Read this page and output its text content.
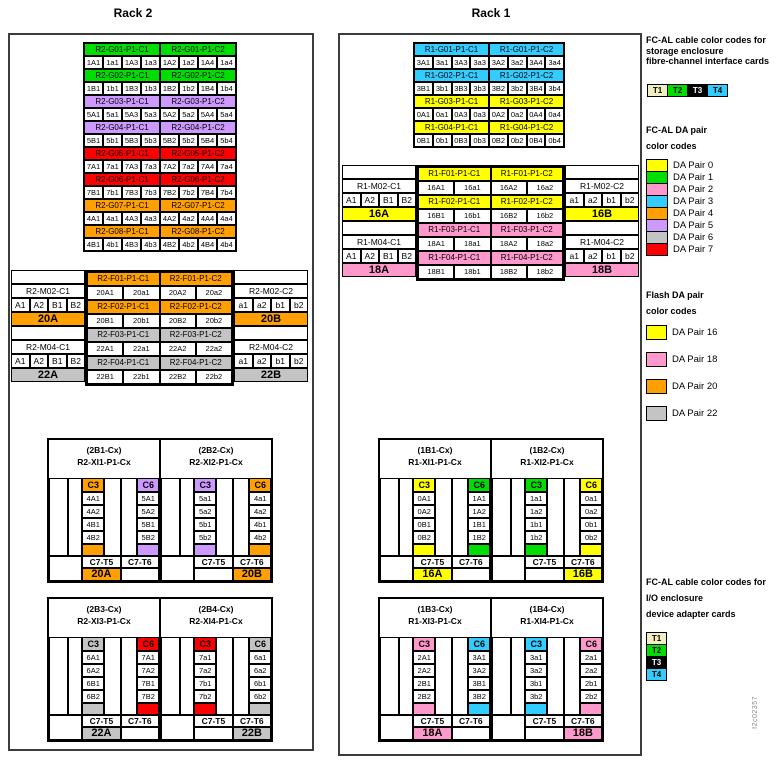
Rack 2	Rack 1
R2-G01-P1-C1	R2-G01-P1-C2
1A1 1a1 1A3 1a3 1A2 1a2 1A4 1a4
R2-G02-P1-C1	R2-G02-P1-C2
1B1 1b1 1B3 1b3 1B2 1b2 1B4 1b4
R2-G03-P1-C1	R2-G03-P1-C2
5A1 5a1 5A3 5a3 5A2 5a2 5A4 5a4
R2-G04-P1-C1	R2-G04-P1-C2
5B1 5b1 5B3 5b3 5B2 5b2 5B4 5b4
R2-G05-P1-C1	R2-G05-P1-C2
7A1 7a1 7A3 7a3 7A2 7a2 7A4 7a4
R2-G06-P1-C1	R2-G06-P1-C2
7B1 7b1 7B3 7b3 7B2 7b2 7B4 7b4
R2-G07-P1-C1	R2-G07-P1-C2
4A1 4a1 4A3 4a3 4A2 4a2 4A4 4a4
R2-G08-P1-C1	R2-G08-P1-C2
4B1 4b1 4B3 4b3 4B2 4b2 4B4 4b4
R2-M02-C1
A1 A2 B1 B2
20A
R2-M04-C1
A1 A2 B1 B2
22A
R2-F01-P1-C1	R2-F01-P1-C2
20A1	20a1	20A2	20a2
R2-F02-P1-C1	R2-F02-P1-C2
20B1	20b1	20B2	20b2
R2-F03-P1-C1	R2-F03-P1-C2
22A1	22a1	22A2	22a2
R2-F04-P1-C1	R2-F04-P1-C2
22B1	22b1	22B2	22b2
R2-M02-C2
a1	a2	b1	b2
20B
R2-M04-C2
a1	a2	b1	b2
22B
(2B1-Cx)
R2-XI1-P1-Cx
(2B2-Cx)
R2-XI2-P1-Cx
C3
4A1
4A2
4B1
4B2
C6
5A1
5A2
5B1
5B2
C3
5a1
5a2
5b1
5b2
C6
4a1
4a2
4b1
4b2
C7-T5
20A
C7-T6	C7-T5	C7-T6
20B
(2B3-Cx)
R2-XI3-P1-Cx
(2B4-Cx)
R2-XI4-P1-Cx
C3
6A1
6A2
6B1
6B2
C6
7A1
7A2
7B1
7B2
C3
7a1
7a2
7b1
7b2
C6
6a1
6a2
6b1
6b2
C7-T5
22A
C7-T6	C7-T5	C7-T6
22B
R1-G01-P1-C1	R1-G01-P1-C2
3A1 3a1 3A3 3a3 3A2 3a2 3A4 3a4
R1-G02-P1-C1	R1-G02-P1-C2
3B1 3b1 3B3 3b3 3B2 3b2 3B4 3b4
R1-G03-P1-C1	R1-G03-P1-C2
0A1 0a1 0A3 0a3 0A2 0a2 0A4 0a4
R1-G04-P1-C1	R1-G04-P1-C2
0B1 0b1 0B3 0b3 0B2 0b2 0B4 0b4
R1-M02-C1
A1 A2 B1 B2
16A
R1-M04-C1
A1 A2 B1 B2
18A
R1-F01-P1-C1	R1-F01-P1-C2
16A1	16a1	16A2	16a2
R1-F02-P1-C1	R1-F02-P1-C2
16B1	16b1	16B2	16b2
R1-F03-P1-C1	R1-F03-P1-C2
18A1	18a1	18A2	18a2
R1-F04-P1-C1	R1-F04-P1-C2
18B1	18b1	18B2	18b2
R1-M02-C2
a1	a2	b1	b2
16B
R1-M04-C2
a1	a2	b1	b2
18B
(1B1-Cx)
R1-XI1-P1-Cx
(1B2-Cx)
R1-XI2-P1-Cx
C3
0A1
0A2
0B1
0B2
C6
1A1
1A2
1B1
1B2
C3
1a1
1a2
1b1
1b2
C6
0a1
0a2
0b1
0b2
C7-T5
16A
C7-T6	C7-T5	C7-T6
16B
(1B3-Cx)
R1-XI3-P1-Cx
(1B4-Cx)
R1-XI4-P1-Cx
C3
2A1
2A2
2B1
2B2
C6
3A1
3A2
3B1
3B2
C3
3a1
3a2
3b1
3b2
C6
2a1
2a2
2b1
2b2
C7-T5
18A
C7-T6	C7-T5	C7-T6
18B
FC-AL cable color codes for
storage enclosure
fibre-channel interface cards
T1	T2	T3	T4
FC-AL DA pair
color codes
DA Pair 0
DA Pair 1
DA Pair 2
DA Pair 3
DA Pair 4
DA Pair 5
DA Pair 6
DA Pair 7
Flash DA pair
color codes
DA Pair 16
DA Pair 18
DA Pair 20
DA Pair 22
FC-AL cable color codes for
I/O enclosure
device adapter cards
T1
T2
T3
T4
f2c02357
